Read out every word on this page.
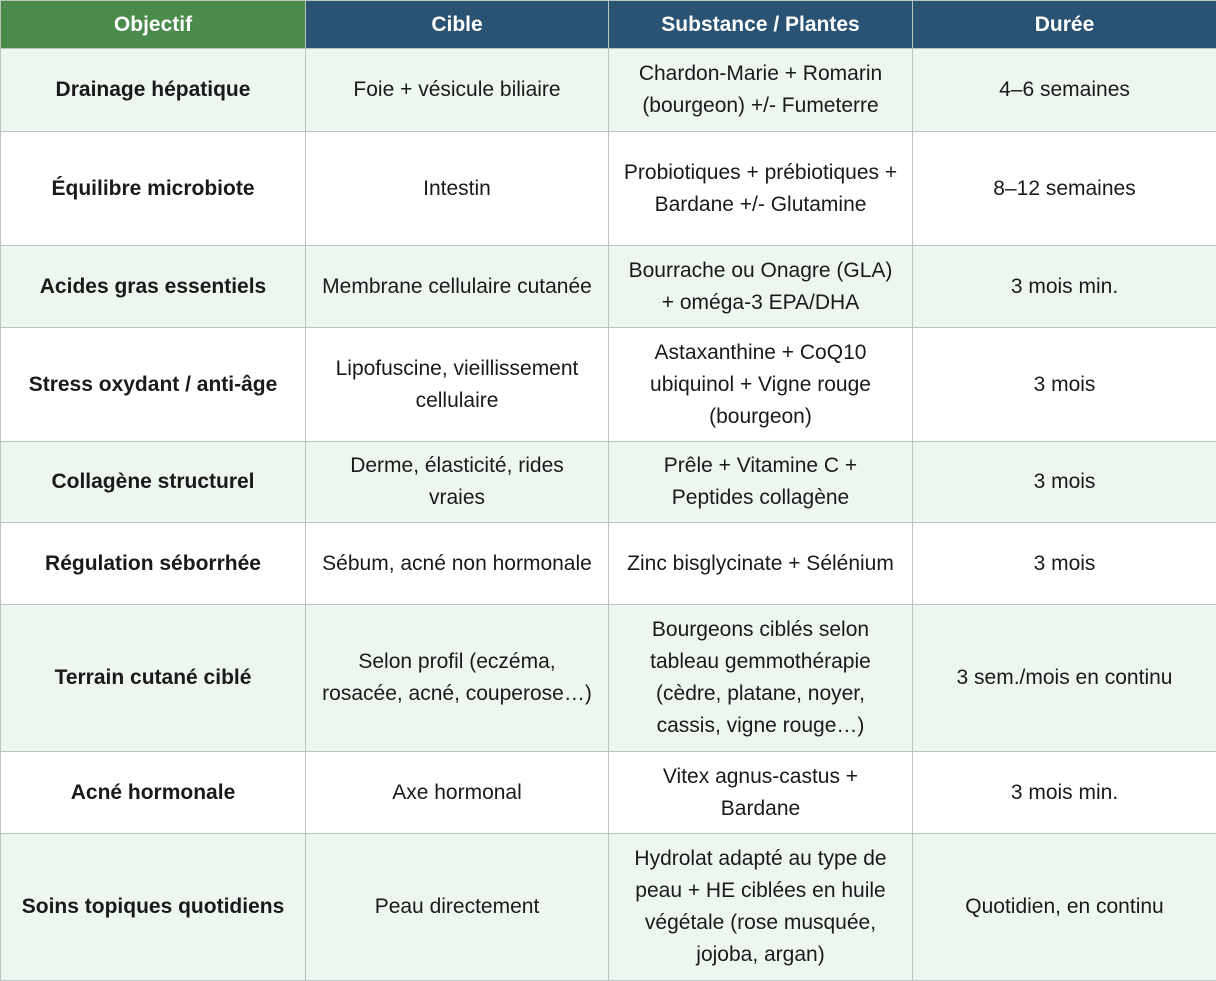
Objectif	Cible	Substance / Plantes	Durée
Drainage hépatique	Foie + vésicule biliaire	Chardon-Marie + Romarin (bourgeon) +/- Fumeterre	4–6 semaines
Équilibre microbiote	Intestin	Probiotiques + prébiotiques + Bardane +/- Glutamine	8–12 semaines
Acides gras essentiels	Membrane cellulaire cutanée	Bourrache ou Onagre (GLA) + oméga-3 EPA/DHA	3 mois min.
Stress oxydant / anti-âge	Lipofuscine, vieillissement cellulaire	Astaxanthine + CoQ10 ubiquinol + Vigne rouge (bourgeon)	3 mois
Collagène structurel	Derme, élasticité, rides vraies	Prêle + Vitamine C + Peptides collagène	3 mois
Régulation séborrhée	Sébum, acné non hormonale	Zinc bisglycinate + Sélénium	3 mois
Terrain cutané ciblé	Selon profil (eczéma, rosacée, acné, couperose…)	Bourgeons ciblés selon tableau gemmothérapie (cèdre, platane, noyer, cassis, vigne rouge…)	3 sem./mois en continu
Acné hormonale	Axe hormonal	Vitex agnus-castus + Bardane	3 mois min.
Soins topiques quotidiens	Peau directement	Hydrolat adapté au type de peau + HE ciblées en huile végétale (rose musquée, jojoba, argan)	Quotidien, en continu
